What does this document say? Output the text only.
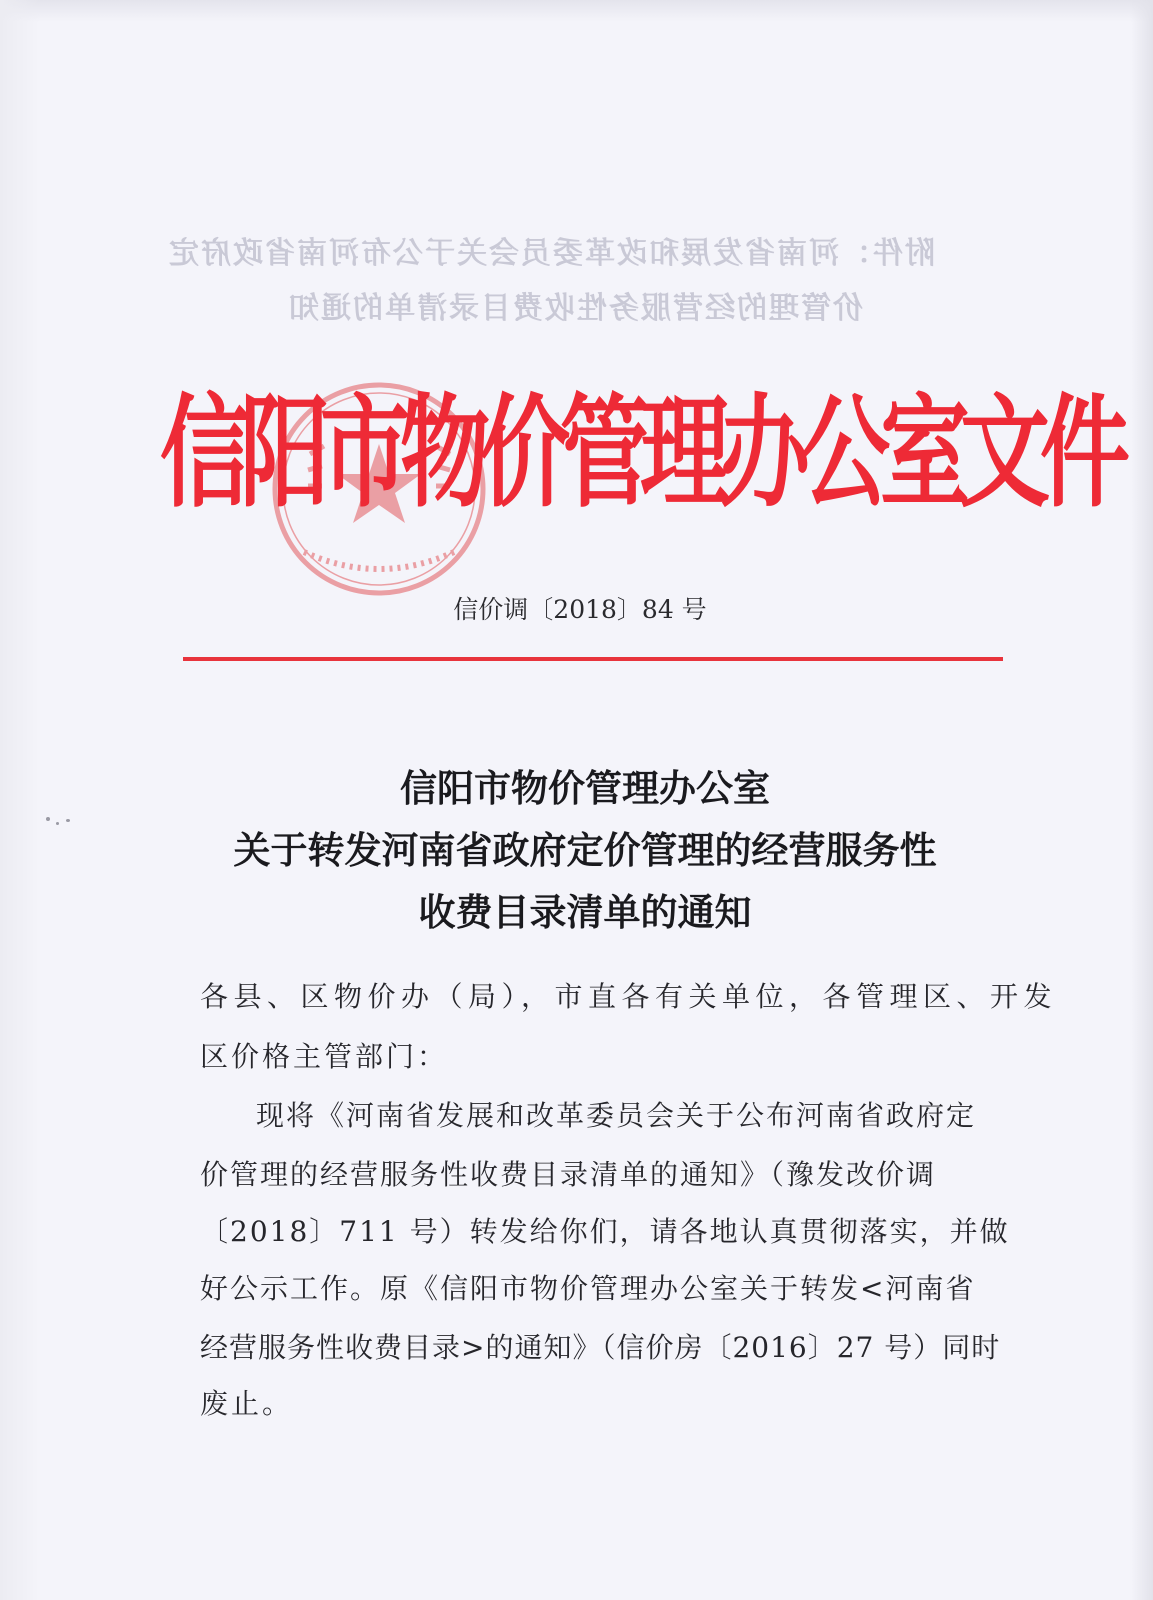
附件：河南省发展和改革委员会关于公布河南省政府定
价管理的经营服务性收费目录清单的通知
信阳市物价管理办公室文件
信价调〔2018〕84 号
信阳市物价管理办公室
关于转发河南省政府定价管理的经营服务性
收费目录清单的通知
各县、区物价办（局），市直各有关单位，各管理区、开发
区价格主管部门：
现将《河南省发展和改革委员会关于公布河南省政府定
价管理的经营服务性收费目录清单的通知》（豫发改价调
〔2018〕711 号）转发给你们，请各地认真贯彻落实，并做
好公示工作。原《信阳市物价管理办公室关于转发<河南省
经营服务性收费目录>的通知》（信价房〔2016〕27 号）同时
废止。
